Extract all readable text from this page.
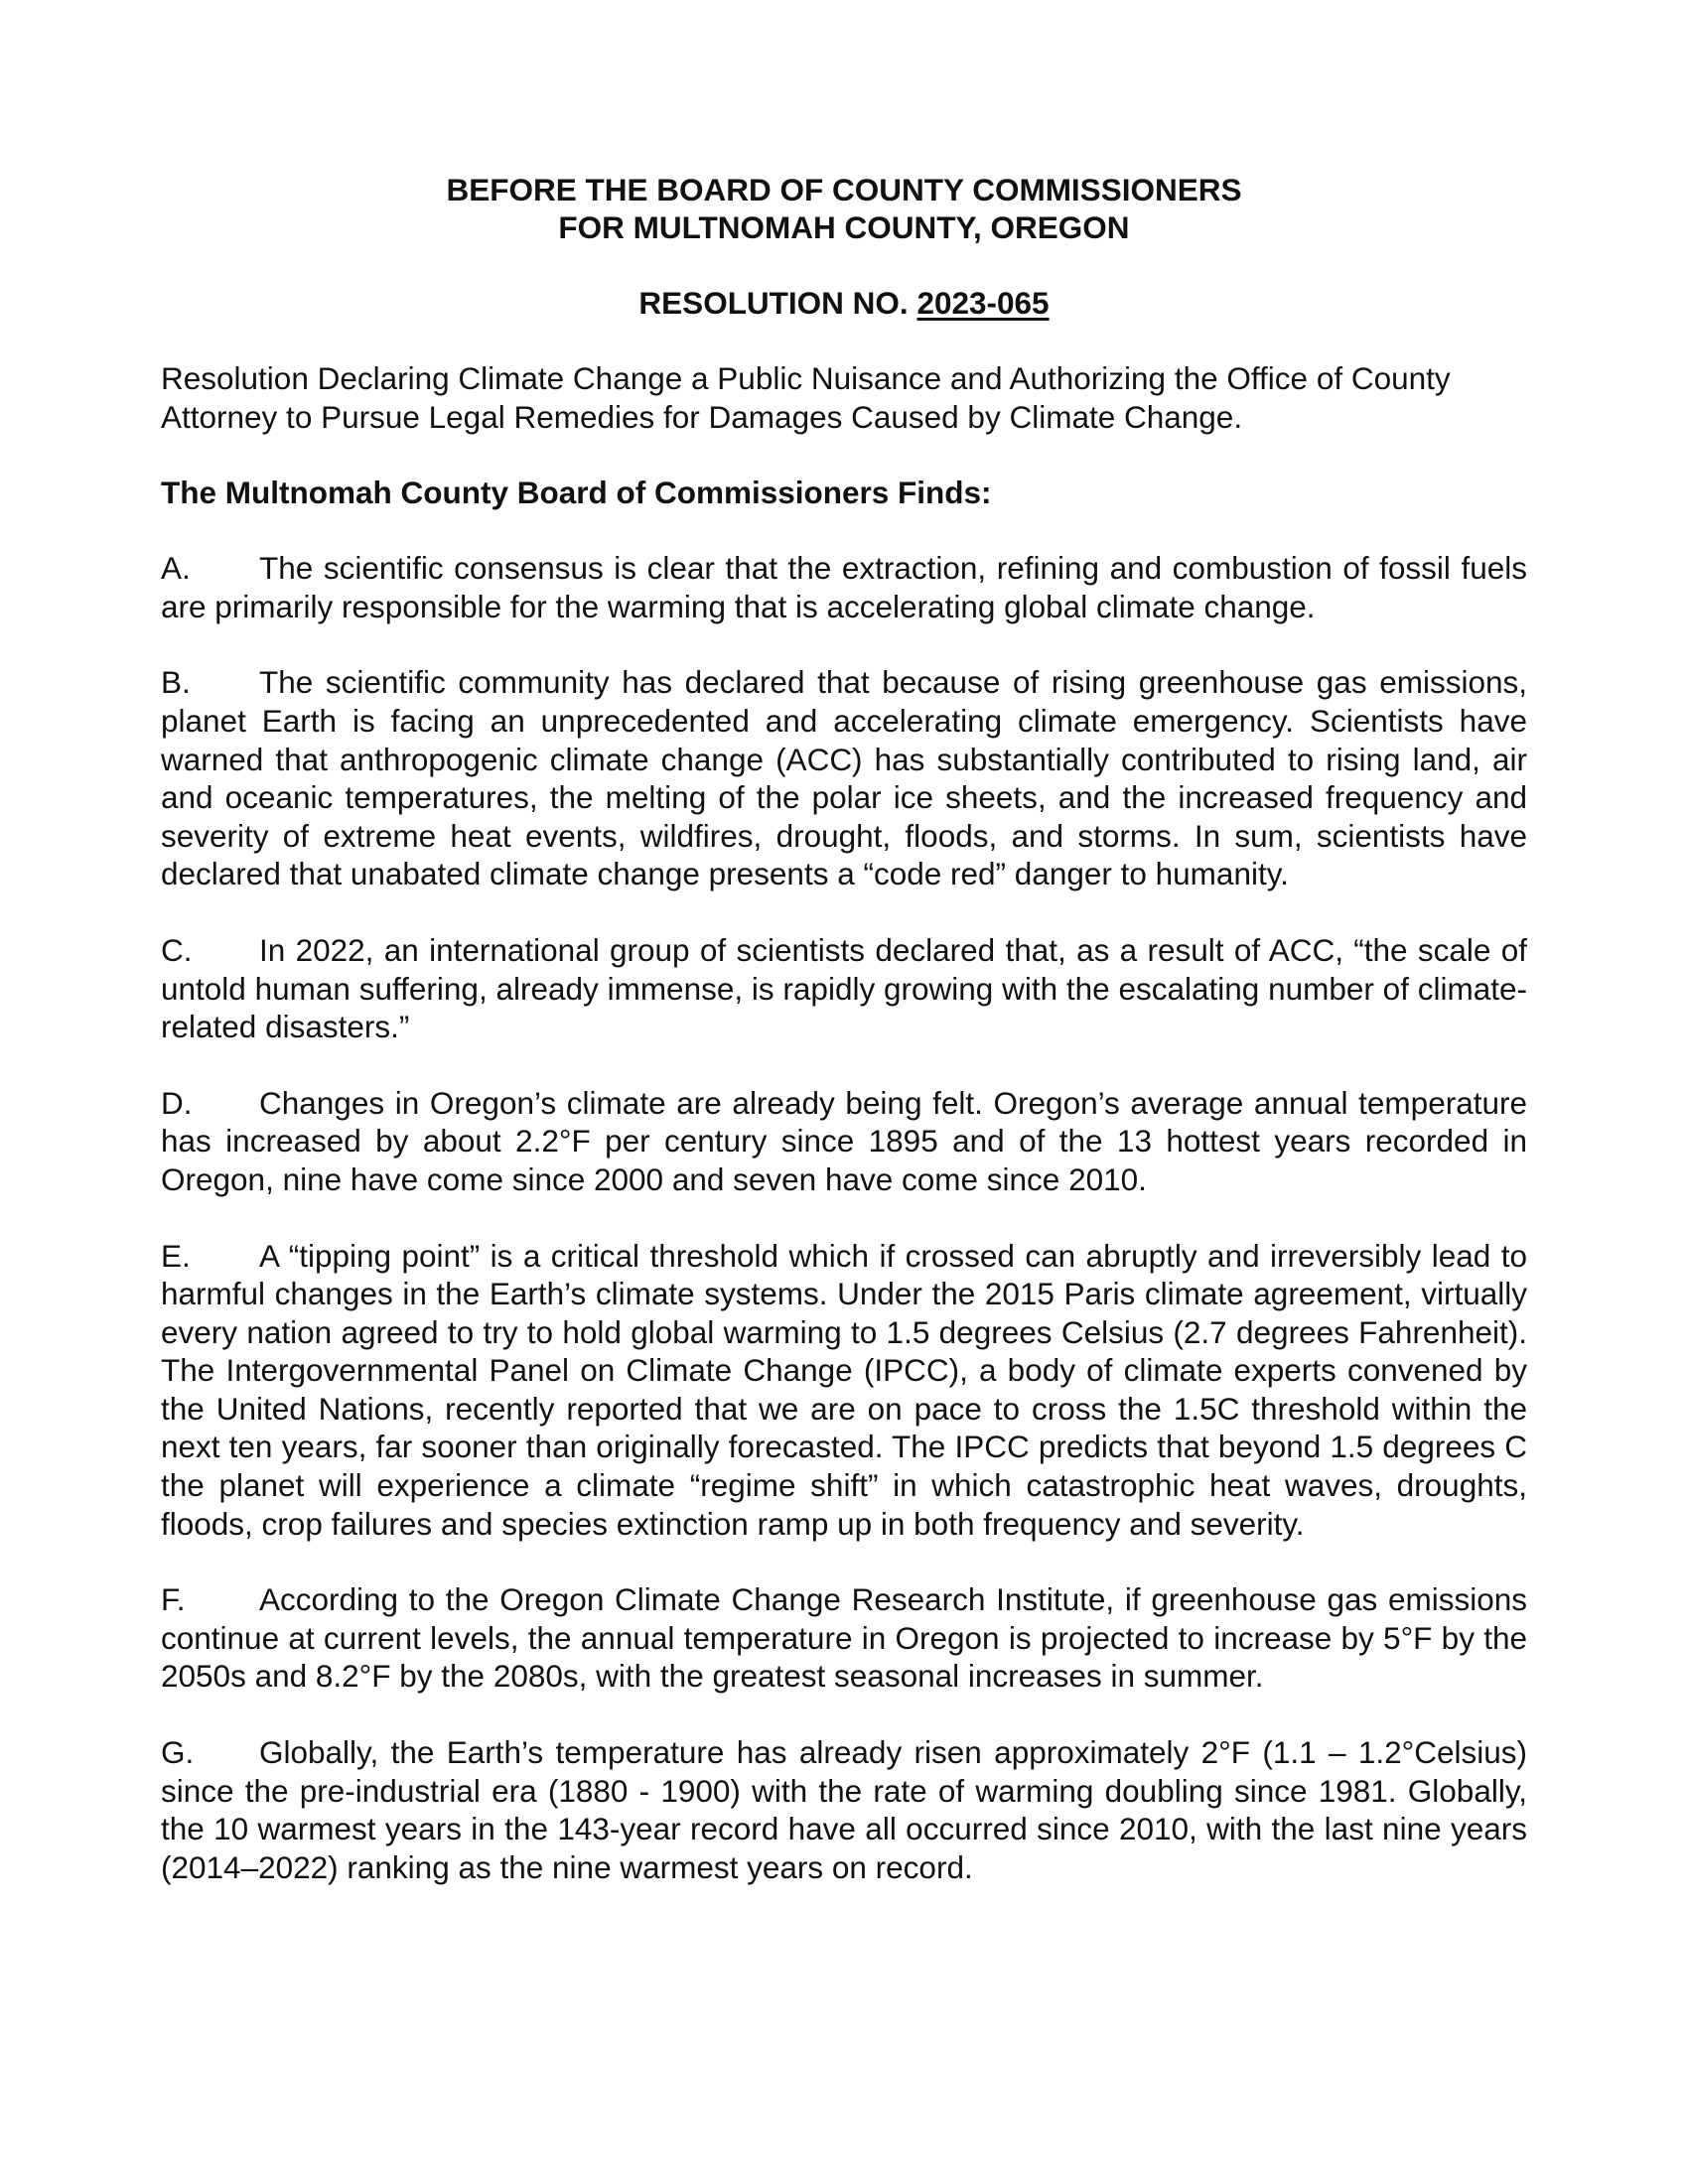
BEFORE THE BOARD OF COUNTY COMMISSIONERS

FOR MULTNOMAH COUNTY, OREGON

RESOLUTION NO. 2023-065

Resolution Declaring Climate Change a Public Nuisance and Authorizing the Office of County Attorney to Pursue Legal Remedies for Damages Caused by Climate Change.

The Multnomah County Board of Commissioners Finds:

A. The scientific consensus is clear that the extraction, refining and combustion of fossil fuels are primarily responsible for the warming that is accelerating global climate change.

B. The scientific community has declared that because of rising greenhouse gas emissions, planet Earth is facing an unprecedented and accelerating climate emergency. Scientists have warned that anthropogenic climate change (ACC) has substantially contributed to rising land, air and oceanic temperatures, the melting of the polar ice sheets, and the increased frequency and severity of extreme heat events, wildfires, drought, floods, and storms. In sum, scientists have declared that unabated climate change presents a “code red” danger to humanity.

C. In 2022, an international group of scientists declared that, as a result of ACC, “the scale of untold human suffering, already immense, is rapidly growing with the escalating number of climate-related disasters.”

D. Changes in Oregon’s climate are already being felt. Oregon’s average annual temperature has increased by about 2.2°F per century since 1895 and of the 13 hottest years recorded in Oregon, nine have come since 2000 and seven have come since 2010.

E. A “tipping point” is a critical threshold which if crossed can abruptly and irreversibly lead to harmful changes in the Earth’s climate systems. Under the 2015 Paris climate agreement, virtually every nation agreed to try to hold global warming to 1.5 degrees Celsius (2.7 degrees Fahrenheit). The Intergovernmental Panel on Climate Change (IPCC), a body of climate experts convened by the United Nations, recently reported that we are on pace to cross the 1.5C threshold within the next ten years, far sooner than originally forecasted. The IPCC predicts that beyond 1.5 degrees C the planet will experience a climate “regime shift” in which catastrophic heat waves, droughts, floods, crop failures and species extinction ramp up in both frequency and severity.

F. According to the Oregon Climate Change Research Institute, if greenhouse gas emissions continue at current levels, the annual temperature in Oregon is projected to increase by 5°F by the 2050s and 8.2°F by the 2080s, with the greatest seasonal increases in summer.

G. Globally, the Earth’s temperature has already risen approximately 2°F (1.1 – 1.2°Celsius) since the pre-industrial era (1880 - 1900) with the rate of warming doubling since 1981. Globally, the 10 warmest years in the 143-year record have all occurred since 2010, with the last nine years (2014–2022) ranking as the nine warmest years on record.
